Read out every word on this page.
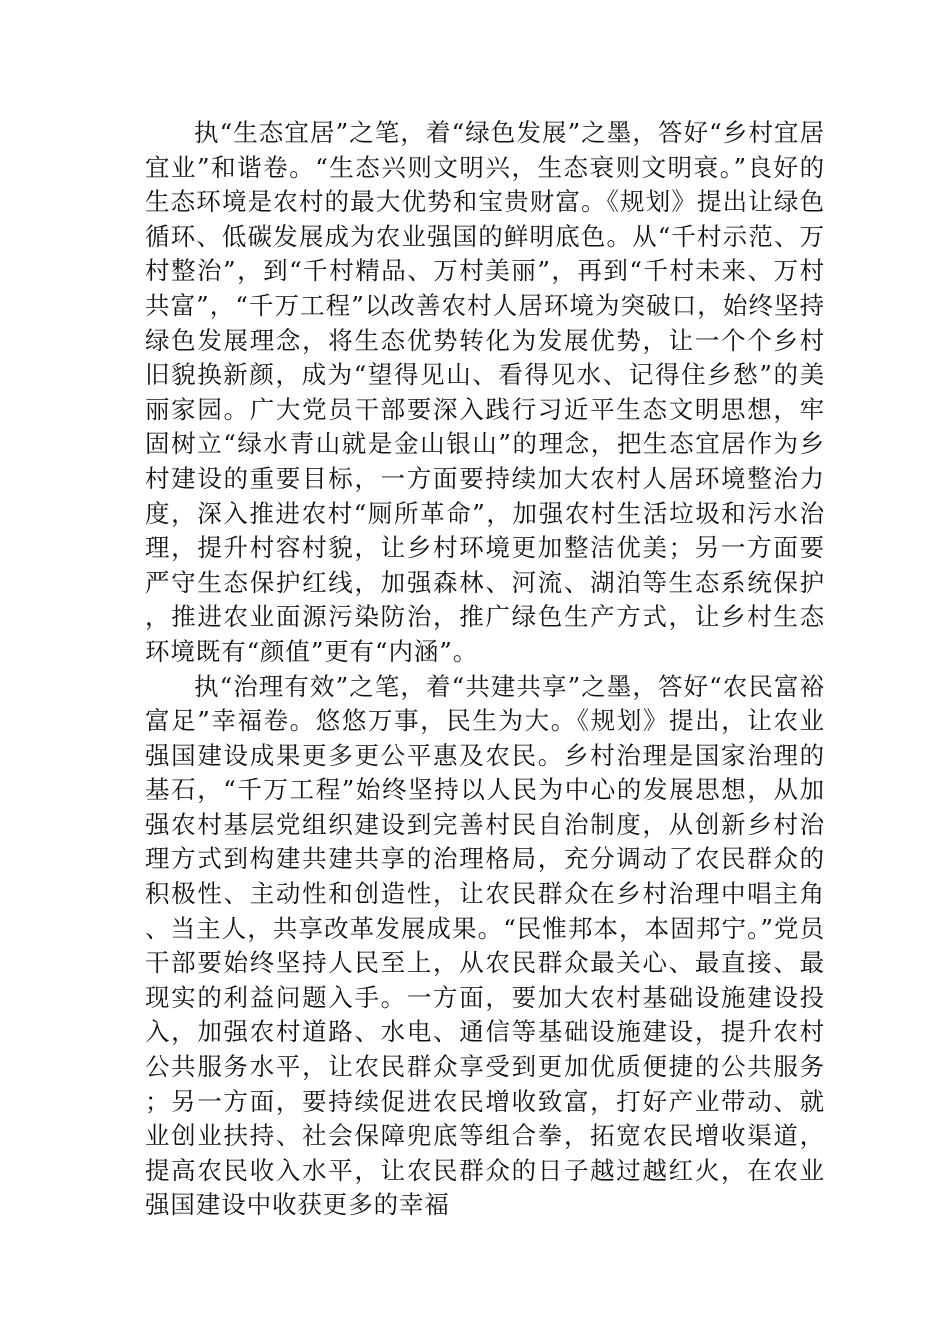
执“生态宜居”之笔，着“绿色发展”之墨，答好“乡村宜居宜业”和谐卷。“生态兴则文明兴，生态衰则文明衰。”良好的生态环境是农村的最大优势和宝贵财富。《规划》提出让绿色循环、低碳发展成为农业强国的鲜明底色。从“千村示范、万村整治”，到“千村精品、万村美丽”，再到“千村未来、万村共富”，“千万工程”以改善农村人居环境为突破口，始终坚持绿色发展理念，将生态优势转化为发展优势，让一个个乡村旧貌换新颜，成为“望得见山、看得见水、记得住乡愁”的美丽家园。广大党员干部要深入践行习近平生态文明思想，牢固树立“绿水青山就是金山银山”的理念，把生态宜居作为乡村建设的重要目标，一方面要持续加大农村人居环境整治力度，深入推进农村“厕所革命”，加强农村生活垃圾和污水治理，提升村容村貌，让乡村环境更加整洁优美；另一方面要严守生态保护红线，加强森林、河流、湖泊等生态系统保护，推进农业面源污染防治，推广绿色生产方式，让乡村生态环境既有“颜值”更有“内涵”。

执“治理有效”之笔，着“共建共享”之墨，答好“农民富裕富足”幸福卷。悠悠万事，民生为大。《规划》提出，让农业强国建设成果更多更公平惠及农民。乡村治理是国家治理的基石，“千万工程”始终坚持以人民为中心的发展思想，从加强农村基层党组织建设到完善村民自治制度，从创新乡村治理方式到构建共建共享的治理格局，充分调动了农民群众的积极性、主动性和创造性，让农民群众在乡村治理中唱主角、当主人，共享改革发展成果。“民惟邦本，本固邦宁。”党员干部要始终坚持人民至上，从农民群众最关心、最直接、最现实的利益问题入手。一方面，要加大农村基础设施建设投入，加强农村道路、水电、通信等基础设施建设，提升农村公共服务水平，让农民群众享受到更加优质便捷的公共服务；另一方面，要持续促进农民增收致富，打好产业带动、就业创业扶持、社会保障兜底等组合拳，拓宽农民增收渠道，提高农民收入水平，让农民群众的日子越过越红火，在农业强国建设中收获更多的幸福
